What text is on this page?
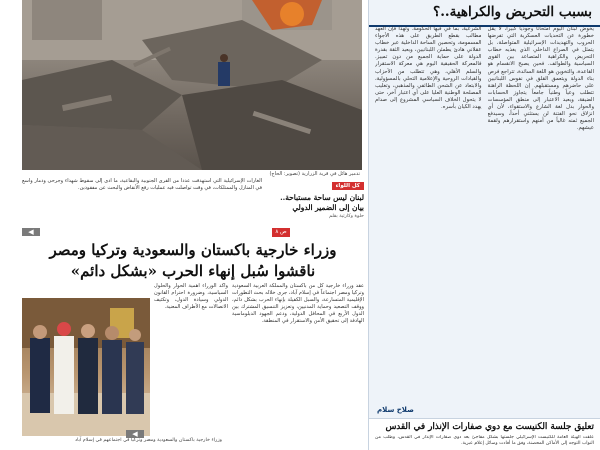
بسبب التحريض والكراهية..؟
يخوض لبنان اليوم امتحاناً وجودياً كبيراً، لا يقل خطورة عن التحديات العسكرية التي تفرضها الحروب والتهديدات الإسرائيلية المتواصلة، بل يتمثل في الصراع الداخلي الذي يغذيه خطاب التحريض والكراهية المتصاعد بين القوى السياسية والطوائف. فحين يصبح الانقسام هو القاعدة، والتخوين هو اللغة السائدة، تتراجع فرص بناء الدولة ويتعمق القلق في نفوس اللبنانيين على حاضرهم ومستقبلهم. إن اللحظة الراهنة تتطلب وعياً وطنياً جامعاً يتجاوز الحسابات الضيقة، ويعيد الاعتبار إلى منطق المؤسسات والحوار بدل لغة الشارع والاستقواء، لأن أي انزلاق نحو الفتنة لن يستثني أحداً، وسيدفع الجميع ثمنه غالياً من أمنهم واستقرارهم ولقمة عيشهم.
الشرعية، بما في فيها الحكومة. ولهذا فإن العهد مطالب بقطع الطريق على هذه الأجواء المسمومة، وتحصين الساحة الداخلية عبر خطاب عقلاني هادئ يطمئن اللبنانيين، ويعيد الثقة بقدرة الدولة على حماية الجميع من دون تمييز. فالمعركة الحقيقية اليوم هي معركة الاستقرار والسلم الأهلي، وهي تتطلب من الأحزاب والقيادات الروحية والإعلامية التحلي بالمسؤولية، والابتعاد عن الشحن الطائفي والمذهبي، وتغليب المصلحة الوطنية العليا على أي اعتبار آخر، حتى لا يتحول الخلاف السياسي المشروع إلى صدام يهدد الكيان بأسره.
صلاح سلام
تعليق جلسة الكنيست مع دوي صفارات الإنذار في القدس
علقت الهيئة العامة للكنيست الإسرائيلي جلستها بشكل مفاجئ بعد دوي صفارات الإنذار في القدس، وطلب من النواب التوجه إلى الأماكن المحصنة، وفق ما أفادت وسائل إعلام عبرية.
تدمير هائل في قرية الزرارية (تصوير: الحاج)
الغارات الإسرائيلية التي استهدفت عدداً من القرى الجنوبية والبقاعية، ما أدى إلى سقوط شهداء وجرحى ودمار واسع في المنازل والممتلكات، في وقت تواصلت فيه عمليات رفع الأنقاض والبحث عن مفقودين.	كل اللواء
لبنان ليس ساحة مستباحة.. بيان إلى الضمير الدولي
حلوة وكارثية بقلم
ص ٨
◀
وزراء خارجية باكستان والسعودية وتركيا ومصر
ناقشوا سُبل إنهاء الحرب «بشكل دائم»
عقد وزراء خارجية كل من باكستان والمملكة العربية السعودية وتركيا ومصر اجتماعاً في إسلام آباد، جرى خلاله بحث التطورات الإقليمية المتسارعة، والسبل الكفيلة بإنهاء الحرب بشكل دائم، ووقف التصعيد وحماية المدنيين، وتعزيز التنسيق المشترك بين الدول الأربع في المحافل الدولية، ودعم الجهود الدبلوماسية الهادفة إلى تحقيق الأمن والاستقرار في المنطقة.
وأكد الوزراء أهمية الحوار والحلول السياسية، وضرورة احترام القانون الدولي وسيادة الدول، وتكثيف الاتصالات مع الأطراف المعنية.
وزراء خارجية باكستان والسعودية ومصر وتركيا في اجتماعهم في إسلام آباد
◀
